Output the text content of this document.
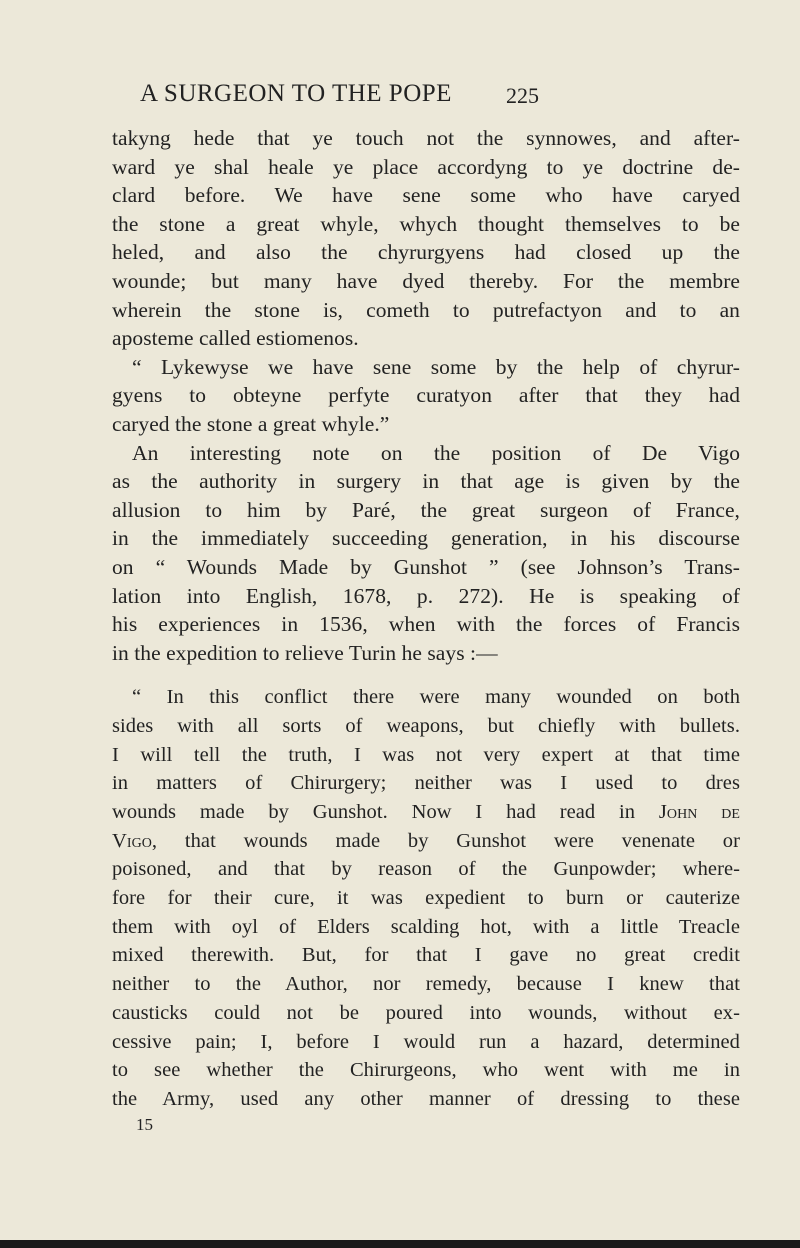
A SURGEON TO THE POPE 225
takyng hede that ye touch not the synnowes, and after-
ward ye shal heale ye place accordyng to ye doctrine de-
clard before. We have sene some who have caryed
the stone a great whyle, whych thought themselves to be
heled, and also the chyrurgyens had closed up the
wounde; but many have dyed thereby. For the membre
wherein the stone is, cometh to putrefactyon and to an
aposteme called estiomenos.
“ Lykewyse we have sene some by the help of chyrur-
gyens to obteyne perfyte curatyon after that they had
caryed the stone a great whyle.”
An interesting note on the position of De Vigo
as the authority in surgery in that age is given by the
allusion to him by Paré, the great surgeon of France,
in the immediately succeeding generation, in his discourse
on “ Wounds Made by Gunshot ” (see Johnson’s Trans-
lation into English, 1678, p. 272). He is speaking of
his experiences in 1536, when with the forces of Francis
in the expedition to relieve Turin he says :—
“ In this conflict there were many wounded on both
sides with all sorts of weapons, but chiefly with bullets.
I will tell the truth, I was not very expert at that time
in matters of Chirurgery; neither was I used to dres
wounds made by Gunshot. Now I had read in John de
Vigo, that wounds made by Gunshot were venenate or
poisoned, and that by reason of the Gunpowder; where-
fore for their cure, it was expedient to burn or cauterize
them with oyl of Elders scalding hot, with a little Treacle
mixed therewith. But, for that I gave no great credit
neither to the Author, nor remedy, because I knew that
causticks could not be poured into wounds, without ex-
cessive pain; I, before I would run a hazard, determined
to see whether the Chirurgeons, who went with me in
the Army, used any other manner of dressing to these
15
